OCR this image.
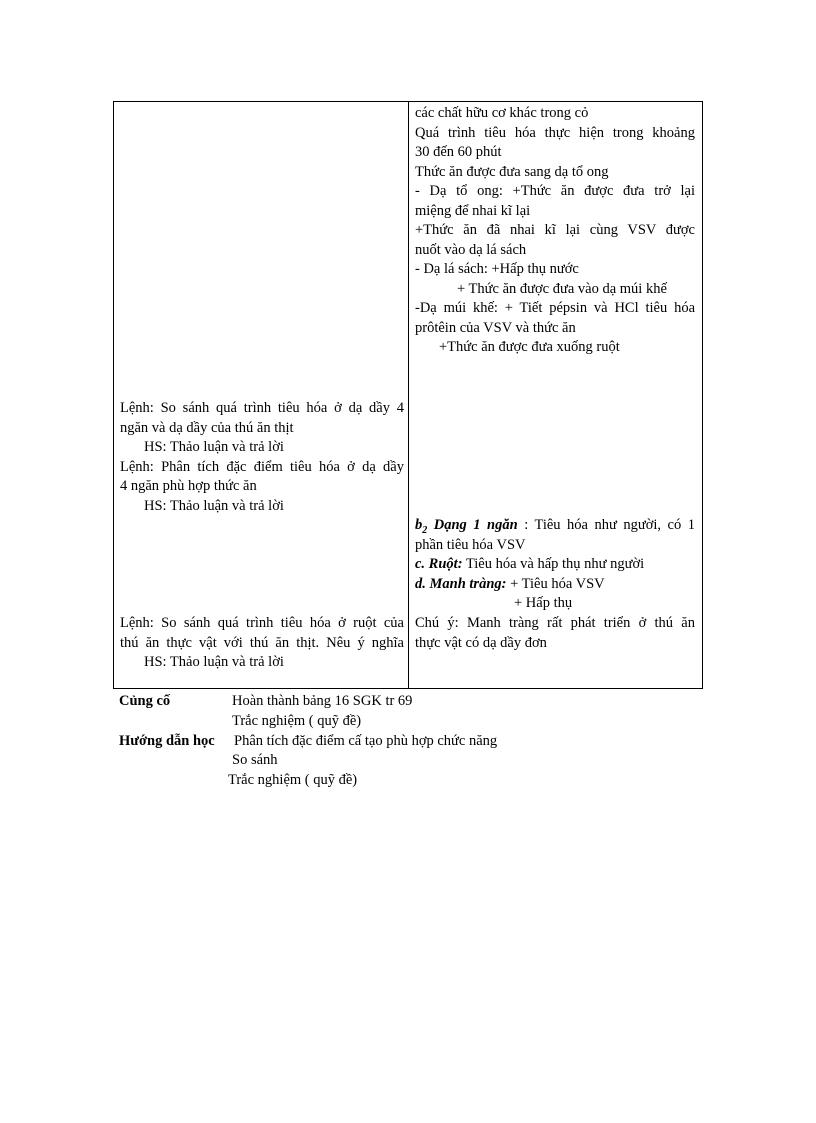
các chất hữu cơ khác trong cỏ
Quá trình tiêu hóa thực hiện trong khoảng
30 đến 60 phút
Thức ăn được đưa sang dạ tổ ong
- Dạ tổ ong: +Thức ăn được đưa trở lại
miệng để nhai kĩ lại
+Thức ăn đã nhai kĩ lại cùng VSV được
nuốt vào dạ lá sách
- Dạ lá sách: +Hấp thụ nước
+ Thức ăn được đưa vào dạ múi khế
-Dạ múi khế: + Tiết pépsin và HCl tiêu hóa
prôtêin của VSV và thức ăn
+Thức ăn được đưa xuống ruột
Lệnh: So sánh quá trình tiêu hóa ở dạ dầy 4
ngăn và dạ dầy của thú ăn thịt
HS: Thảo luận và trả lời
Lệnh: Phân tích đặc điểm tiêu hóa ở dạ dầy
4 ngăn phù hợp thức ăn
HS: Thảo luận và trả lời
$b_2$ Dạng 1 ngăn : Tiêu hóa như người, có 1
phần tiêu hóa VSV
c. Ruột: Tiêu hóa và hấp thụ như người
d. Manh tràng: + Tiêu hóa VSV
+ Hấp thụ
Lệnh: So sánh quá trình tiêu hóa ở ruột của
thú ăn thực vật với thú ăn thịt. Nêu ý nghĩa
HS: Thảo luận và trả lời
Chú ý: Manh tràng rất phát triển ở thú ăn
thực vật có dạ dầy đơn
Củng cố	Hoàn thành bảng 16 SGK tr 69
Trắc nghiệm ( quỹ đề)
Hướng dẫn học Phân tích đặc điểm cấ tạo phù hợp chức năng
So sánh
Trắc nghiệm ( quỹ đề)
